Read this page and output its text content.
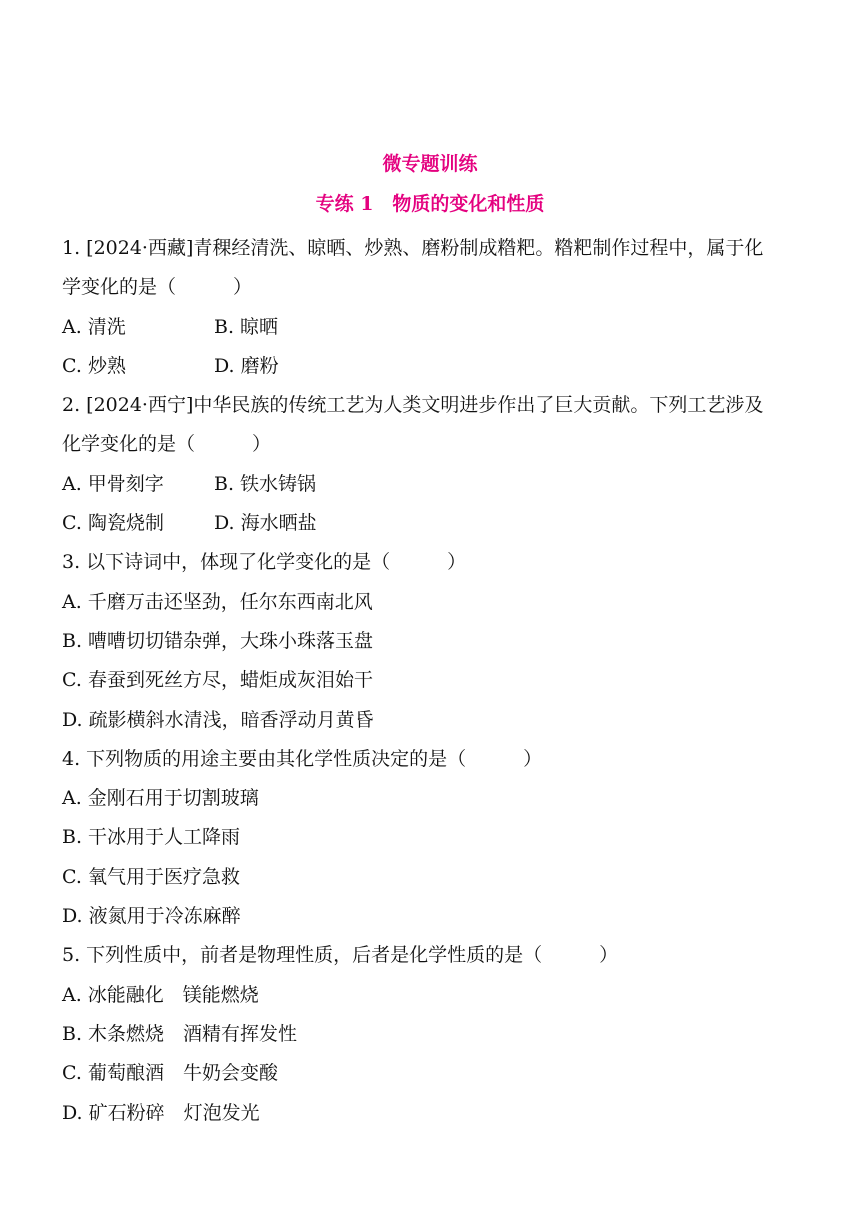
微专题训练
专练 1　物质的变化和性质
1. [2024·西藏]青稞经清洗、晾晒、炒熟、磨粉制成糌粑。糌粑制作过程中，属于化
学变化的是（　　　）
A. 清洗	B. 晾晒
C. 炒熟	D. 磨粉
2. [2024·西宁]中华民族的传统工艺为人类文明进步作出了巨大贡献。下列工艺涉及
化学变化的是（　　　）
A. 甲骨刻字	B. 铁水铸锅
C. 陶瓷烧制	D. 海水晒盐
3. 以下诗词中，体现了化学变化的是（　　　）
A. 千磨万击还坚劲，任尔东西南北风
B. 嘈嘈切切错杂弹，大珠小珠落玉盘
C. 春蚕到死丝方尽，蜡炬成灰泪始干
D. 疏影横斜水清浅，暗香浮动月黄昏
4. 下列物质的用途主要由其化学性质决定的是（　　　）
A. 金刚石用于切割玻璃
B. 干冰用于人工降雨
C. 氧气用于医疗急救
D. 液氮用于冷冻麻醉
5. 下列性质中，前者是物理性质，后者是化学性质的是（　　　）
A. 冰能融化　镁能燃烧
B. 木条燃烧　酒精有挥发性
C. 葡萄酿酒　牛奶会变酸
D. 矿石粉碎　灯泡发光
